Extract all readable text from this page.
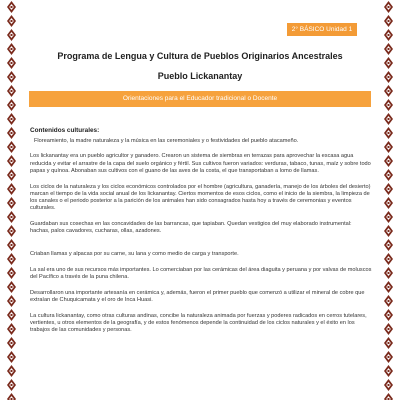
2° BÁSICO Unidad 1
Programa de Lengua y Cultura de Pueblos Originarios Ancestrales
Pueblo Lickanantay
Orientaciones para el Educador tradicional o Docente
Contenidos culturales:
Floreamiento, la madre naturaleza y la música en las ceremoniales y o festividades del pueblo atacameño.

Los lickanantay era un pueblo agricultor y ganadero. Crearon un sistema de siembras en terrazas para aprovechar la escasa agua reducida y evitar el arrastre de la capa del suelo orgánico y fértil. Sus cultivos fueron variados: verduras, tabaco, tunas, maíz y sobre todo papas y quínoa. Abonaban sus cultivos con el guano de las aves de la costa, el que transportaban a lomo de llamas.

Los ciclos de la naturaleza y los ciclos económicos controlados por el hombre (agricultura, ganadería, manejo de los árboles del desierto) marcan el tiempo de la vida social anual de los lickanantay. Ciertos momentos de esos ciclos, como el inicio de la siembra, la limpieza de los canales o el periodo posterior a la parición de los animales han sido consagrados hasta hoy a través de ceremonias y eventos culturales.

Guardaban sus cosechas en las concavidades de las barrancas, que tapiaban. Quedan vestigios del muy elaborado instrumental: hachas, palos cavadores, cucharas, ollas, azadones.

Criaban llamas y alpacas por su carne, su lana y como medio de carga y transporte.

La sal era uno de sus recursos más importantes. Lo comerciaban por las cerámicas del área diaguita y peruana y por valvas de moluscos del Pacífico a través de la puna chilena.

Desarrollaron una importante artesanía en cerámica y, además, fueron el primer pueblo que comenzó a utilizar el mineral de cobre que extraían de Chuquicamata y el oro de Inca Huasi.

La cultura lickanantay, como otras culturas andinas, concibe la naturaleza animada por fuerzas y poderes radicados en cerros tutelares, vertientes, u otros elementos de la geografía, y de estos fenómenos depende la continuidad de los ciclos naturales y el éxito en los trabajos de las comunidades y personas.
